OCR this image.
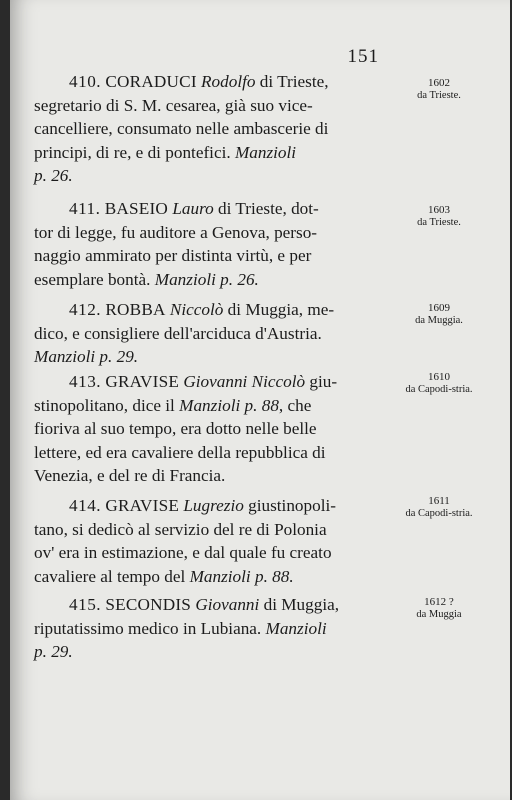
151

410. CORADUCI Rodolfo di Trieste,

segretario di S. M. cesarea, già suo vice-

cancelliere, consumato nelle ambascerie di

principi, di re, e di pontefici. Manzioli

p. 26.

1602
da Trieste.

411. BASEIO Lauro di Trieste, dot-

tor di legge, fu auditore a Genova, perso-

naggio ammirato per distinta virtù, e per

esemplare bontà. Manzioli p. 26.

1603
da Trieste.

412. ROBBA Niccolò di Muggia, me-

dico, e consigliere dell'arciduca d'Austria.

Manzioli p. 29.

1609
da Muggia.

413. GRAVISE Giovanni Niccolò giu-

stinopolitano, dice il Manzioli p. 88, che

fioriva al suo tempo, era dotto nelle belle

lettere, ed era cavaliere della repubblica di

Venezia, e del re di Francia.

1610
da Capodi-stria.

414. GRAVISE Lugrezio giustinopoli-

tano, si dedicò al servizio del re di Polonia

ov' era in estimazione, e dal quale fu creato

cavaliere al tempo del Manzioli p. 88.

1611
da Capodi-stria.

415. SECONDIS Giovanni di Muggia,

riputatissimo medico in Lubiana. Manzioli

p. 29.

1612 ?
da Muggia
